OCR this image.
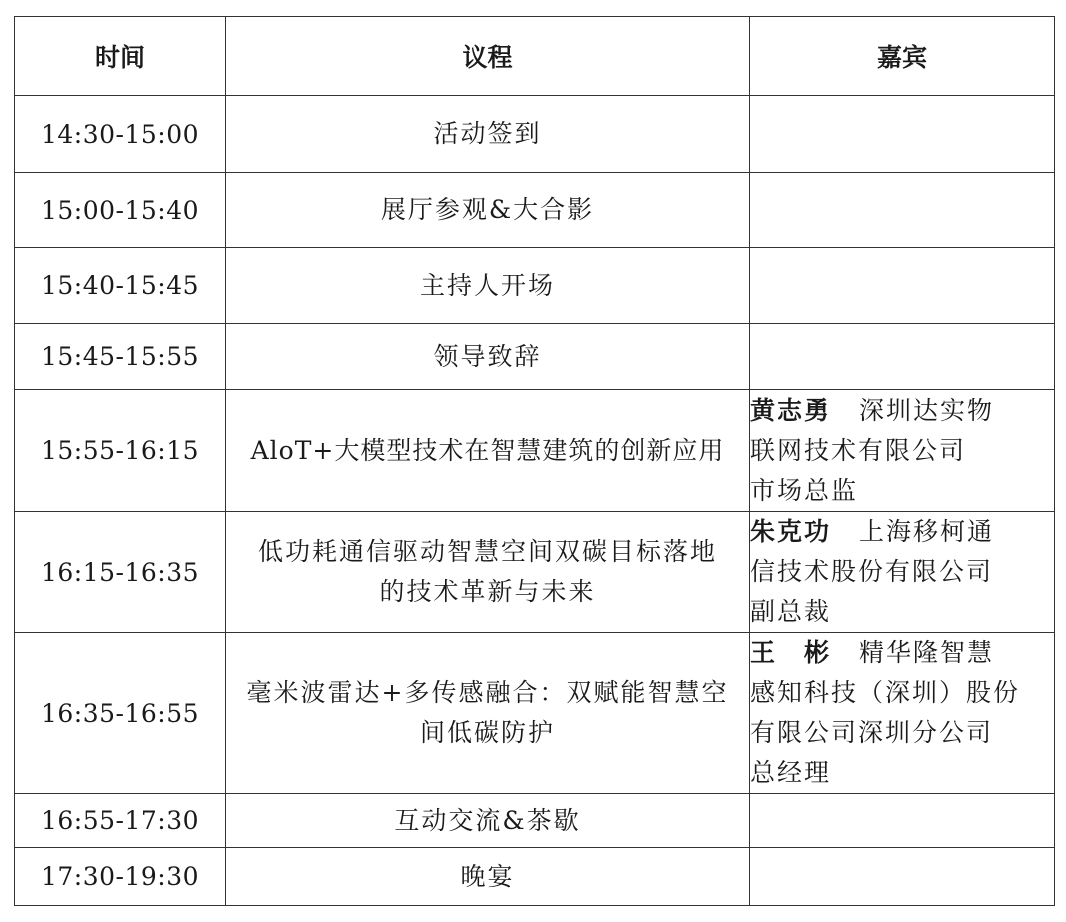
时间	议程	嘉宾
14:30-15:00	活动签到	
15:00-15:40	展厅参观&大合影	
15:40-15:45	主持人开场	
15:45-15:55	领导致辞	
15:55-16:15	AloT+大模型技术在智慧建筑的创新应用	黄志勇 深圳达实物
联网技术有限公司
市场总监

16:15-16:35	低功耗通信驱动智慧空间双碳目标落地
的技术革新与未来	朱克功 上海移柯通
信技术股份有限公司
副总裁

16:35-16:55	毫米波雷达+多传感融合：双赋能智慧空
间低碳防护	王　彬 精华隆智慧
感知科技（深圳）股份
有限公司深圳分公司
总经理

16:55-17:30	互动交流&茶歇	
17:30-19:30	晚宴	
